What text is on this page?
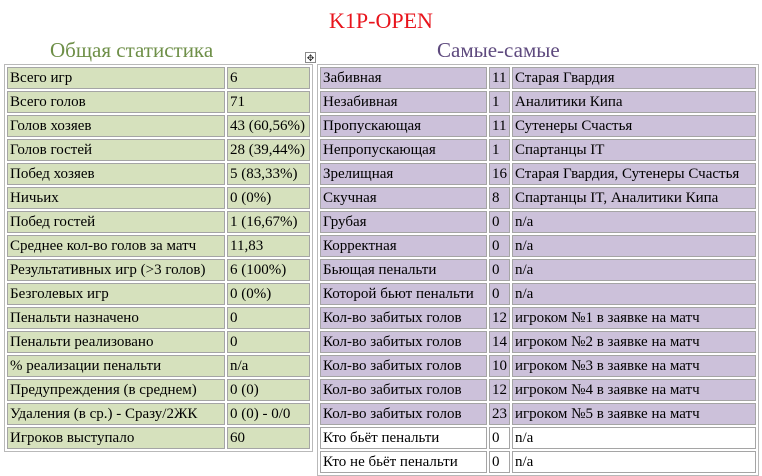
K1P-OPEN
Общая статистика	Самые-самые
✥
Всего игр	6
Всего голов	71
Голов хозяев	43 (60,56%)
Голов гостей	28 (39,44%)
Побед хозяев	5 (83,33%)
Ничьих	0 (0%)
Побед гостей	1 (16,67%)
Среднее кол-во голов за матч	11,83
Результативных игр (>3 голов)	6 (100%)
Безголевых игр	0 (0%)
Пенальти назначено	0
Пенальти реализовано	0
% реализации пенальти	n/a
Предупреждения (в среднем)	0 (0)
Удаления (в ср.) - Сразу/2ЖК	0 (0) - 0/0
Игроков выступало	60
Забивная	11	Старая Гвардия
Незабивная	1	Аналитики Кипа
Пропускающая	11	Сутенеры Счастья
Непропускающая	1	Спартанцы IT
Зрелищная	16	Старая Гвардия, Сутенеры Счастья
Скучная	8	Спартанцы IT, Аналитики Кипа
Грубая	0	n/a
Корректная	0	n/a
Бьющая пенальти	0	n/a
Которой бьют пенальти	0	n/a
Кол-во забитых голов	12	игроком №1 в заявке на матч
Кол-во забитых голов	14	игроком №2 в заявке на матч
Кол-во забитых голов	10	игроком №3 в заявке на матч
Кол-во забитых голов	12	игроком №4 в заявке на матч
Кол-во забитых голов	23	игроком №5 в заявке на матч
Кто бьёт пенальти	0	n/a
Кто не бьёт пенальти	0	n/a
